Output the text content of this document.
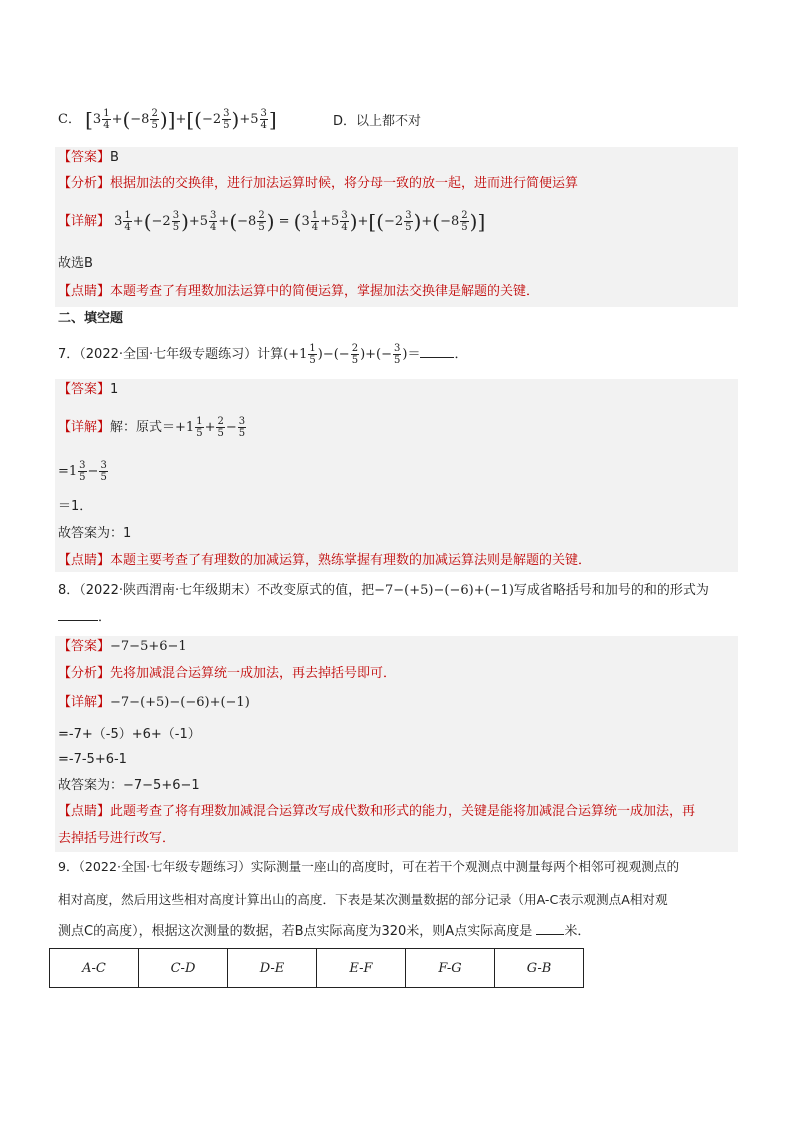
C． $[3 \frac{1}{4} +(-8 \frac{2}{5} )]+[(-2 \frac{3}{5} )+5 \frac{3}{4}$ ]	D．以上都不对
【答案】B
【分析】根据加法的交换律，进行加法运算时候，将分母一致的放一起，进而进行简便运算
【详解】 $3 \frac{1}{4} +(-2 \frac{3}{5} )+5 \frac{3}{4} +(-8 \frac{2}{5}$ ) = $(3 \frac{1}{4} +5 \frac{3}{4} )+[(-2 \frac{3}{5} )+(-8 \frac{2}{5}$ )]
故选B
【点睛】本题考查了有理数加法运算中的简便运算，掌握加法交换律是解题的关键．
二、填空题
7．（2022·全国·七年级专题练习）计算($+1 \frac{1}{5}$ )−(− $\frac{2}{5}$ )+(− $\frac{3}{5}$ )＝	．
【答案】1
【详解】解：原式$=+1 \frac{1}{5} + \frac{2}{5} - \frac{3}{5}$
$=1 \frac{3}{5} - \frac{3}{5}$
＝1．
故答案为：1
【点睛】本题主要考查了有理数的加减运算，熟练掌握有理数的加减运算法则是解题的关键．
8．（2022·陕西渭南·七年级期末）不改变原式的值，把−7−(+5)−(−6)+(−1)写成省略括号和加号的和的形式为
．
【答案】−7−5+6−1
【分析】先将加减混合运算统一成加法，再去掉括号即可．
【详解】−7−(+5)−(−6)+(−1)
=-7+（-5）+6+（-1）
=-7-5+6-1
故答案为：−7−5+6−1
【点睛】此题考查了将有理数加减混合运算改写成代数和形式的能力，关键是能将加减混合运算统一成加法，再
去掉括号进行改写．
9．（2022·全国·七年级专题练习）实际测量一座山的高度时，可在若干个观测点中测量每两个相邻可视观测点的
相对高度，然后用这些相对高度计算出山的高度．下表是某次测量数据的部分记录（用A-C表示观测点A相对观
测点C的高度），根据这次测量的数据，若B点实际高度为320米，则A点实际高度是 米．
A-C	C-D	D-E	E-F	F-G	G-B
